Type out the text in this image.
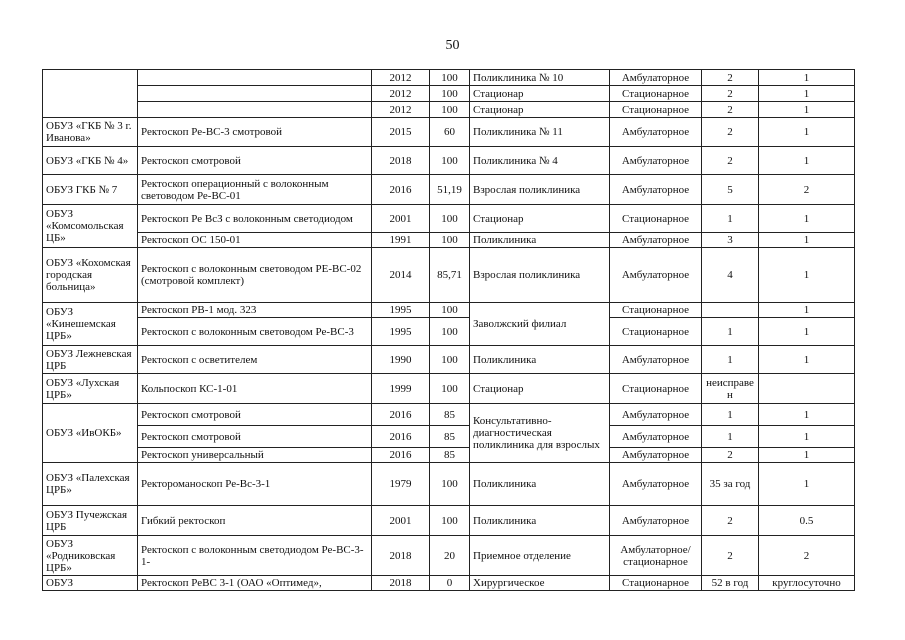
50
		2012	100	Поликлиника № 10	Амбулаторное	2	1
		2012	100	Стационар	Стационарное	2	1
		2012	100	Стационар	Стационарное	2	1
ОБУЗ «ГКБ № 3 г. Иванова»	Ректоскоп Ре-ВС-3 смотровой	2015	60	Поликлиника № 11	Амбулаторное	2	1
ОБУЗ «ГКБ № 4»	Ректоскоп смотровой	2018	100	Поликлиника № 4	Амбулаторное	2	1
ОБУЗ ГКБ № 7	Ректоскоп операционный с волоконным световодом Ре-ВС-01	2016	51,19	Взрослая поликлиника	Амбулаторное	5	2
ОБУЗ «Комсомольская ЦБ»	Ректоскоп Ре ВсЗ с волоконным светодиодом	2001	100	Стационар	Стационарное	1	1
	Ректоскоп ОС 150-01	1991	100	Поликлиника	Амбулаторное	3	1
ОБУЗ «Кохомская городская больница»	Ректоскоп с волоконным световодом РЕ-ВС-02 (смотровой комплект)	2014	85,71	Взрослая поликлиника	Амбулаторное	4	1
ОБУЗ «Кинешемская ЦРБ»	Ректоскоп РВ-1 мод. 323	1995	100	Заволжский филиал	Стационарное		1
	Ректоскоп с волоконным световодом Ре-ВС-3	1995	100		Стационарное	1	1
ОБУЗ Лежневская ЦРБ	Ректоскоп с осветителем	1990	100	Поликлиника	Амбулаторное	1	1
ОБУЗ «Лухская ЦРБ»	Кольпоскоп КС-1-01	1999	100	Стационар	Стационарное	неисправен	
ОБУЗ «ИвОКБ»	Ректоскоп смотровой	2016	85	Консультативно-диагностическая поликлиника для взрослых	Амбулаторное	1	1
	Ректоскоп смотровой	2016	85		Амбулаторное	1	1
	Ректоскоп универсальный	2016	85		Амбулаторное	2	1
ОБУЗ «Палехская ЦРБ»	Ректороманоскоп Ре-Вс-3-1	1979	100	Поликлиника	Амбулаторное	35 за год	1
ОБУЗ Пучежская ЦРБ	Гибкий ректоскоп	2001	100	Поликлиника	Амбулаторное	2	0.5
ОБУЗ «Родниковская ЦРБ»	Ректоскоп с волоконным светодиодом Ре-ВС-3-1-	2018	20	Приемное отделение	Амбулаторное/ стационарное	2	2
ОБУЗ	Ректоскоп РеВС 3-1 (ОАО «Оптимед»,	2018	0	Хирургическое	Стационарное	52 в год	круглосуточно
